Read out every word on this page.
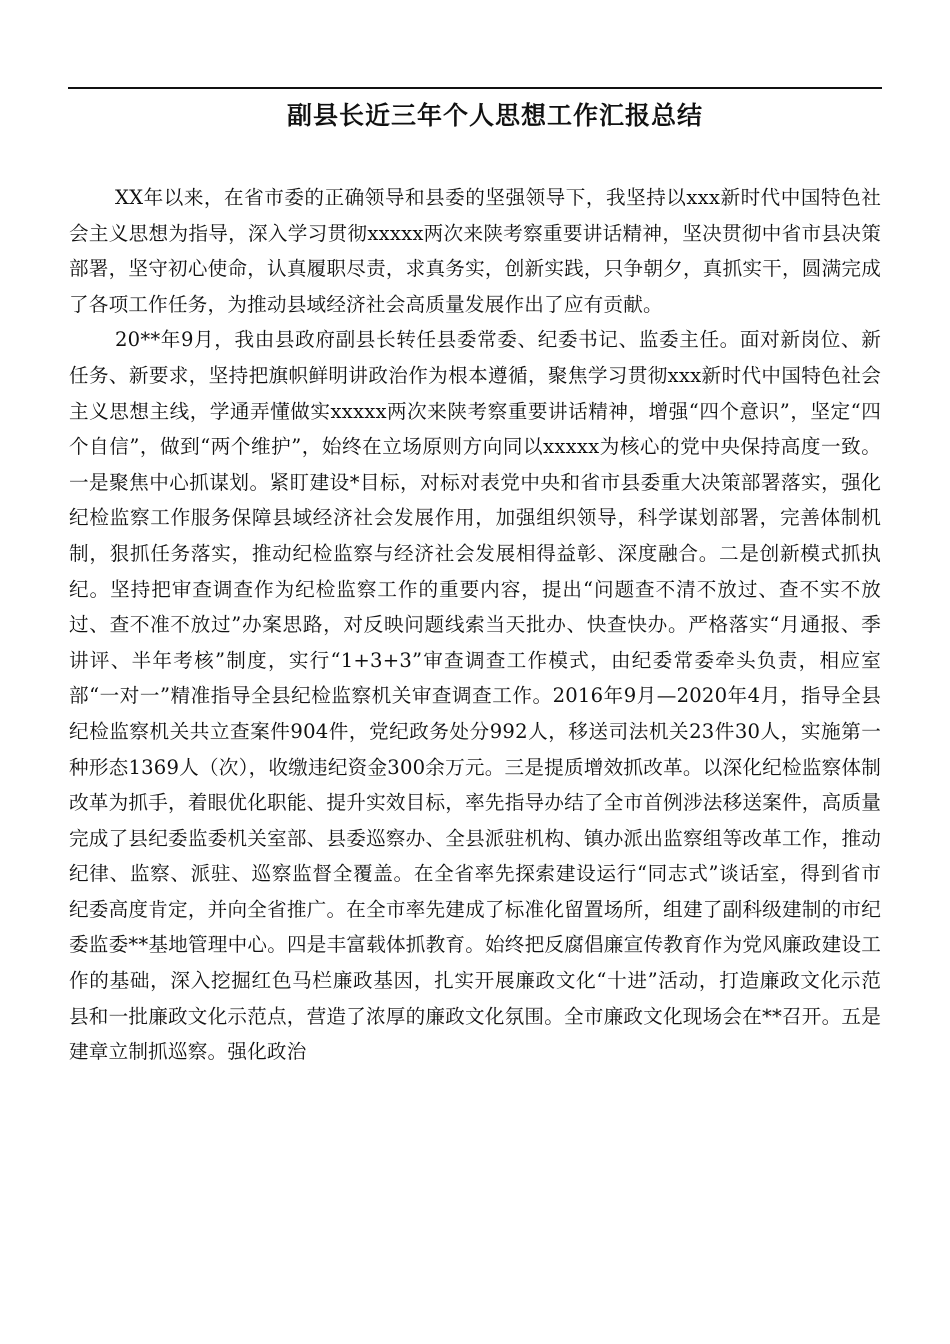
副县长近三年个人思想工作汇报总结

XX年以来，在省市委的正确领导和县委的坚强领导下，我坚持以xxx新时代中国特色社会主义思想为指导，深入学习贯彻xxxxx两次来陕考察重要讲话精神，坚决贯彻中省市县决策部署，坚守初心使命，认真履职尽责，求真务实，创新实践，只争朝夕，真抓实干，圆满完成了各项工作任务，为推动县域经济社会高质量发展作出了应有贡献。

20**年9月，我由县政府副县长转任县委常委、纪委书记、监委主任。面对新岗位、新任务、新要求，坚持把旗帜鲜明讲政治作为根本遵循，聚焦学习贯彻xxx新时代中国特色社会主义思想主线，学通弄懂做实xxxxx两次来陕考察重要讲话精神，增强“四个意识”，坚定“四个自信”，做到“两个维护”，始终在立场原则方向同以xxxxx为核心的党中央保持高度一致。一是聚焦中心抓谋划。紧盯建设*目标，对标对表党中央和省市县委重大决策部署落实，强化纪检监察工作服务保障县域经济社会发展作用，加强组织领导，科学谋划部署，完善体制机制，狠抓任务落实，推动纪检监察与经济社会发展相得益彰、深度融合。二是创新模式抓执纪。坚持把审查调查作为纪检监察工作的重要内容，提出“问题查不清不放过、查不实不放过、查不准不放过”办案思路，对反映问题线索当天批办、快查快办。严格落实“月通报、季讲评、半年考核”制度，实行“1+3+3”审查调查工作模式，由纪委常委牵头负责，相应室部“一对一”精准指导全县纪检监察机关审查调查工作。2016年9月—2020年4月，指导全县纪检监察机关共立查案件904件，党纪政务处分992人，移送司法机关23件30人，实施第一种形态1369人（次），收缴违纪资金300余万元。三是提质增效抓改革。以深化纪检监察体制改革为抓手，着眼优化职能、提升实效目标，率先指导办结了全市首例涉法移送案件，高质量完成了县纪委监委机关室部、县委巡察办、全县派驻机构、镇办派出监察组等改革工作，推动纪律、监察、派驻、巡察监督全覆盖。在全省率先探索建设运行“同志式”谈话室，得到省市纪委高度肯定，并向全省推广。在全市率先建成了标准化留置场所，组建了副科级建制的市纪委监委**基地管理中心。四是丰富载体抓教育。始终把反腐倡廉宣传教育作为党风廉政建设工作的基础，深入挖掘红色马栏廉政基因，扎实开展廉政文化“十进”活动，打造廉政文化示范县和一批廉政文化示范点，营造了浓厚的廉政文化氛围。全市廉政文化现场会在**召开。五是建章立制抓巡察。强化政治
